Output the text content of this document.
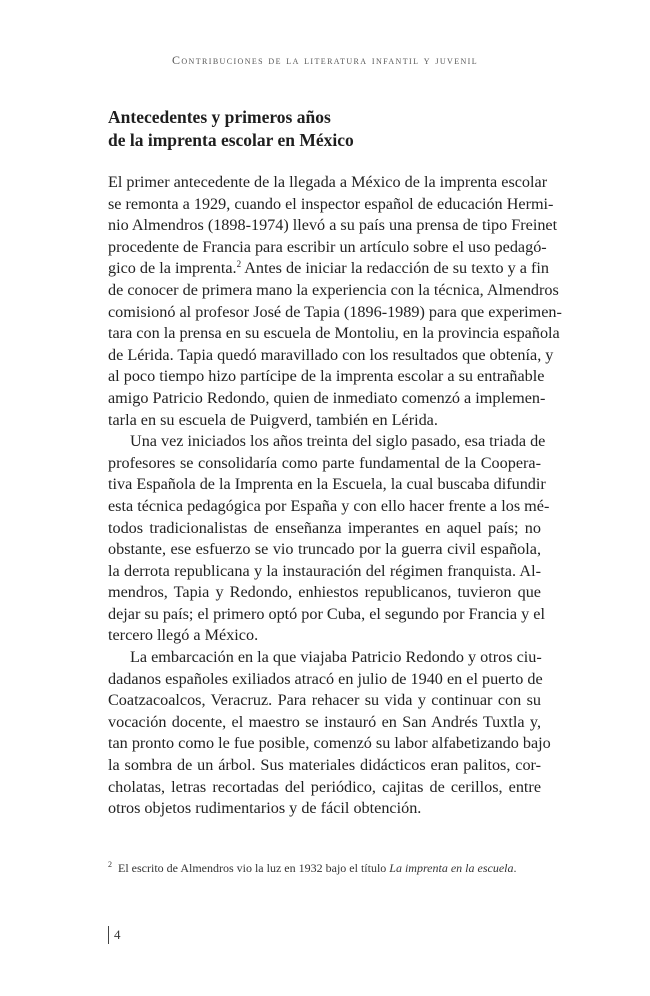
Contribuciones de la literatura infantil y juvenil
Antecedentes y primeros años
de la imprenta escolar en México
El primer antecedente de la llegada a México de la imprenta escolar
se remonta a 1929, cuando el inspector español de educación Hermi-
nio Almendros (1898-1974) llevó a su país una prensa de tipo Freinet
procedente de Francia para escribir un artículo sobre el uso pedagó-
gico de la imprenta.$^2$ Antes de iniciar la redacción de su texto y a fin
de conocer de primera mano la experiencia con la técnica, Almendros
comisionó al profesor José de Tapia (1896-1989) para que experimen-
tara con la prensa en su escuela de Montoliu, en la provincia española
de Lérida. Tapia quedó maravillado con los resultados que obtenía, y
al poco tiempo hizo partícipe de la imprenta escolar a su entrañable
amigo Patricio Redondo, quien de inmediato comenzó a implemen-
tarla en su escuela de Puigverd, también en Lérida.
Una vez iniciados los años treinta del siglo pasado, esa triada de
profesores se consolidaría como parte fundamental de la Coopera-
tiva Española de la Imprenta en la Escuela, la cual buscaba difundir
esta técnica pedagógica por España y con ello hacer frente a los mé-
todos tradicionalistas de enseñanza imperantes en aquel país; no
obstante, ese esfuerzo se vio truncado por la guerra civil española,
la derrota republicana y la instauración del régimen franquista. Al-
mendros, Tapia y Redondo, enhiestos republicanos, tuvieron que
dejar su país; el primero optó por Cuba, el segundo por Francia y el
tercero llegó a México.
La embarcación en la que viajaba Patricio Redondo y otros ciu-
dadanos españoles exiliados atracó en julio de 1940 en el puerto de
Coatzacoalcos, Veracruz. Para rehacer su vida y continuar con su
vocación docente, el maestro se instauró en San Andrés Tuxtla y,
tan pronto como le fue posible, comenzó su labor alfabetizando bajo
la sombra de un árbol. Sus materiales didácticos eran palitos, cor-
cholatas, letras recortadas del periódico, cajitas de cerillos, entre
otros objetos rudimentarios y de fácil obtención.
$^2$ El escrito de Almendros vio la luz en 1932 bajo el título La imprenta en la escuela.
4
